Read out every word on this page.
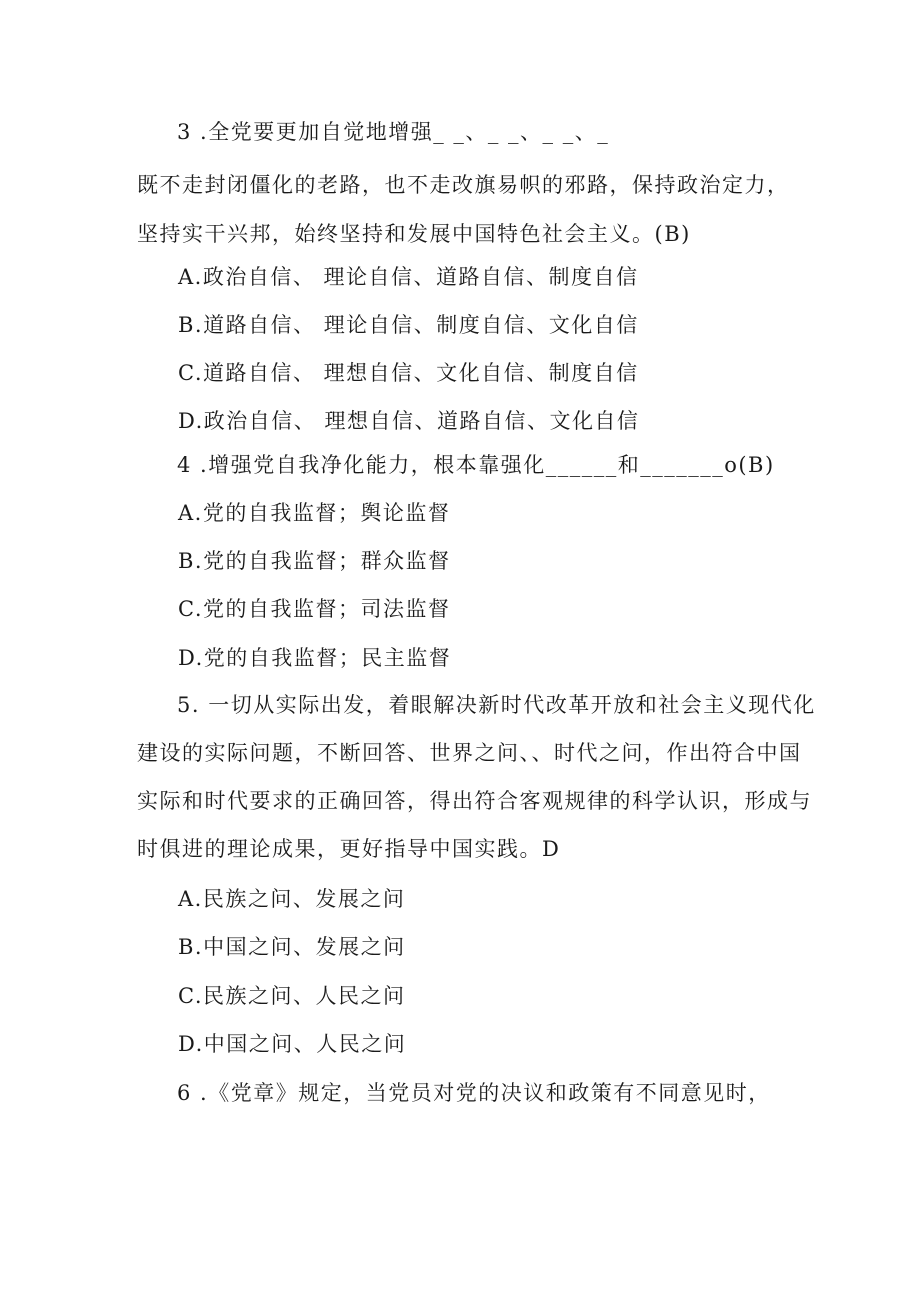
3 .全党要更加自觉地增强_ _、_ _、_ _、_
既不走封闭僵化的老路，也不走改旗易帜的邪路，保持政治定力，
坚持实干兴邦，始终坚持和发展中国特色社会主义。(B)
A.政治自信、 理论自信、道路自信、制度自信
B.道路自信、 理论自信、制度自信、文化自信
C.道路自信、 理想自信、文化自信、制度自信
D.政治自信、 理想自信、道路自信、文化自信
4 .增强党自我净化能力，根本靠强化______和_______o(B)
A.党的自我监督；舆论监督
B.党的自我监督；群众监督
C.党的自我监督；司法监督
D.党的自我监督；民主监督
5. 一切从实际出发，着眼解决新时代改革开放和社会主义现代化
建设的实际问题，不断回答、世界之问、、时代之问，作出符合中国
实际和时代要求的正确回答，得出符合客观规律的科学认识，形成与
时俱进的理论成果，更好指导中国实践。D
A.民族之问、发展之问
B.中国之问、发展之问
C.民族之问、人民之问
D.中国之问、人民之问
6 .《党章》规定，当党员对党的决议和政策有不同意见时，
